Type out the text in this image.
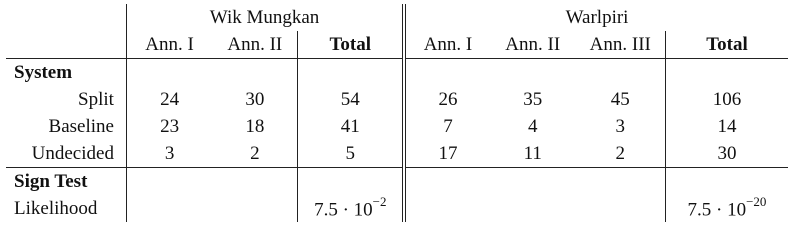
	Wik Mungkan			Warlpiri			
	Ann. I	Ann. II	Total	Ann. I	Ann. II	Ann. III	Total
System							
Split	24	30	54	26	35	45	106
Baseline	23	18	41	7	4	3	14
Undecided	3	2	5	17	11	2	30
Sign Test							
Likelihood			$7.5 \cdot 10^{-2}$				$7.5 \cdot 10^{-20}$
